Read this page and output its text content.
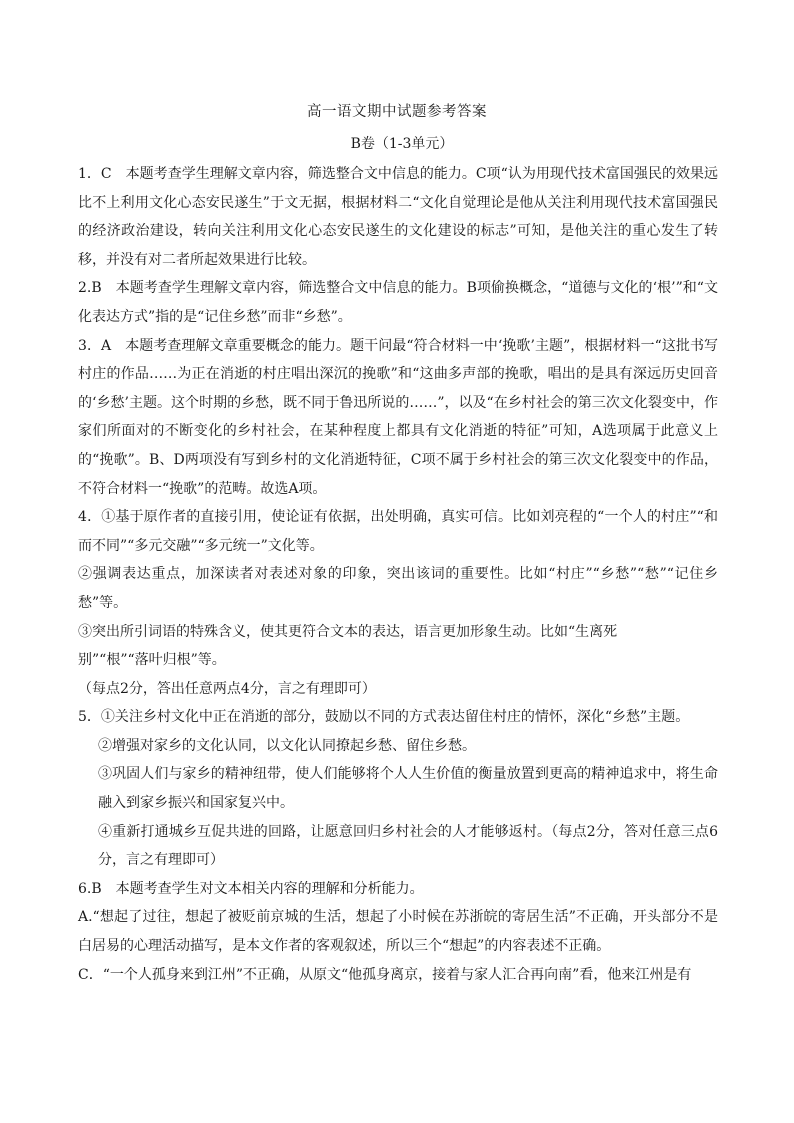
高一语文期中试题参考答案
B卷（1-3单元）

1．C　本题考查学生理解文章内容，筛选整合文中信息的能力。C项“认为用现代技术富国强民的效果远比不上利用文化心态安民遂生”于文无据，根据材料二“文化自觉理论是他从关注利用现代技术富国强民的经济政治建设，转向关注利用文化心态安民遂生的文化建设的标志”可知，是他关注的重心发生了转移，并没有对二者所起效果进行比较。

2.B　本题考查学生理解文章内容，筛选整合文中信息的能力。B项偷换概念，“道德与文化的‘根’”和“文化表达方式”指的是“记住乡愁”而非“乡愁”。

3．A　本题考查理解文章重要概念的能力。题干问最“符合材料一中‘挽歌’主题”，根据材料一“这批书写村庄的作品……为正在消逝的村庄唱出深沉的挽歌”和“这曲多声部的挽歌，唱出的是具有深远历史回音的‘乡愁’主题。这个时期的乡愁，既不同于鲁迅所说的……”，以及“在乡村社会的第三次文化裂变中，作家们所面对的不断变化的乡村社会，在某种程度上都具有文化消逝的特征”可知，A选项属于此意义上的“挽歌”。B、D两项没有写到乡村的文化消逝特征，C项不属于乡村社会的第三次文化裂变中的作品，不符合材料一“挽歌”的范畴。故选A项。

4．①基于原作者的直接引用，使论证有依据，出处明确，真实可信。比如刘亮程的“一个人的村庄”“和而不同”“多元交融”“多元统一”文化等。

②强调表达重点，加深读者对表述对象的印象，突出该词的重要性。比如“村庄”“乡愁”“愁”“记住乡愁”等。

③突出所引词语的特殊含义，使其更符合文本的表达，语言更加形象生动。比如“生离死
别”“根”“落叶归根”等。

（每点2分，答出任意两点4分，言之有理即可）

5．①关注乡村文化中正在消逝的部分，鼓励以不同的方式表达留住村庄的情怀，深化“乡愁”主题。

②增强对家乡的文化认同，以文化认同撩起乡愁、留住乡愁。

③巩固人们与家乡的精神纽带，使人们能够将个人人生价值的衡量放置到更高的精神追求中，将生命融入到家乡振兴和国家复兴中。

④重新打通城乡互促共进的回路，让愿意回归乡村社会的人才能够返村。（每点2分，答对任意三点6分，言之有理即可）

6.B　本题考查学生对文本相关内容的理解和分析能力。

A.“想起了过往，想起了被贬前京城的生活，想起了小时候在苏浙皖的寄居生活”不正确，开头部分不是白居易的心理活动描写，是本文作者的客观叙述，所以三个“想起”的内容表述不正确。

C．“一个人孤身来到江州”不正确，从原文“他孤身离京，接着与家人汇合再向南”看，他来江州是有
